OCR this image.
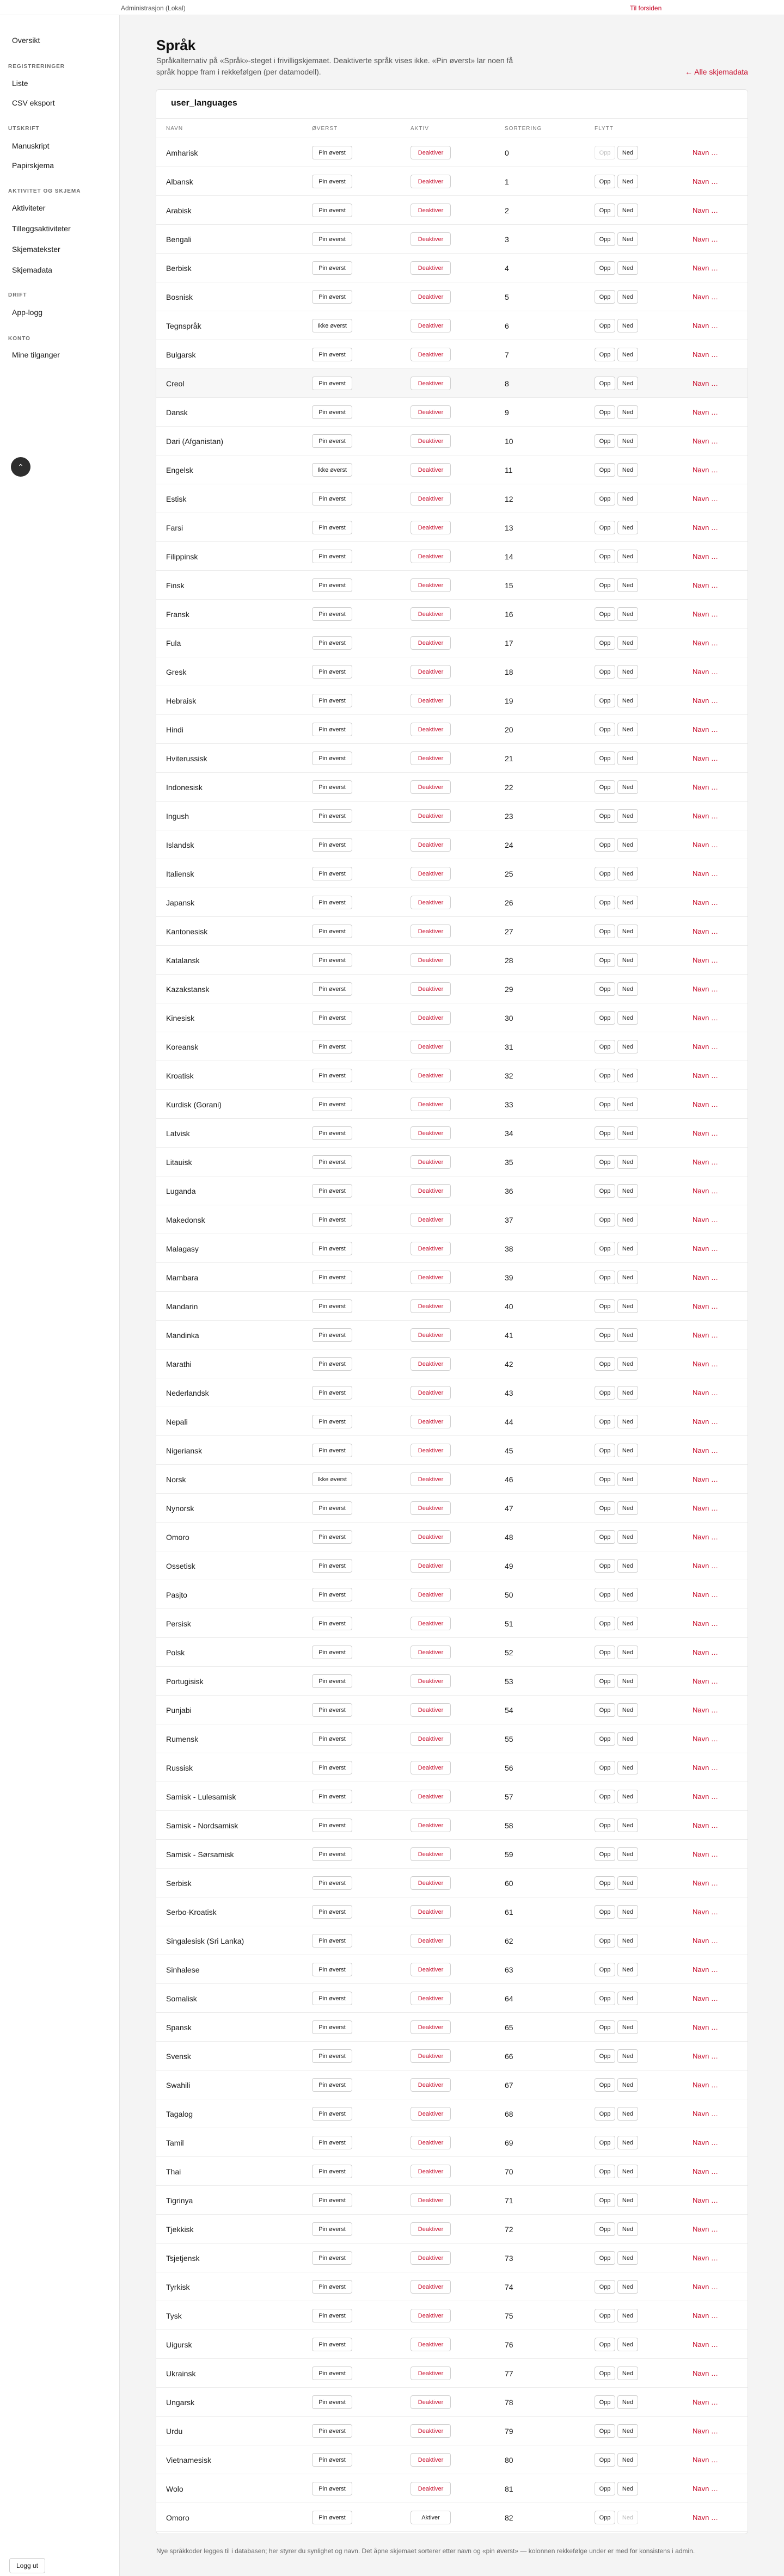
Administrasjon (Lokal)	Til forsiden
Oversikt
REGISTRERINGER
Liste
CSV eksport
UTSKRIFT
Manuskript
Papirskjema
AKTIVITET OG SKJEMA
Aktiviteter
Tilleggsaktiviteter
Skjematekster
Skjemadata
DRIFT
App-logg
KONTO
Mine tilganger
Logg ut
⌃
Språk

Språkalternativ på «Språk»-steget i frivilligskjemaet. Deaktiverte språk vises ikke. «Pin øverst» lar noen få språk hoppe fram i rekkefølgen (per datamodell).	← Alle skjemadata
user_languages
NAVN	ØVERST	AKTIV	SORTERING	FLYTT
Amharisk	Pin øverst	Deaktiver	0	Opp	Ned	Navn …
Albansk	Pin øverst	Deaktiver	1	Opp	Ned	Navn …
Arabisk	Pin øverst	Deaktiver	2	Opp	Ned	Navn …
Bengali	Pin øverst	Deaktiver	3	Opp	Ned	Navn …
Berbisk	Pin øverst	Deaktiver	4	Opp	Ned	Navn …
Bosnisk	Pin øverst	Deaktiver	5	Opp	Ned	Navn …
Tegnspråk	Ikke øverst	Deaktiver	6	Opp	Ned	Navn …
Bulgarsk	Pin øverst	Deaktiver	7	Opp	Ned	Navn …
Creol	Pin øverst	Deaktiver	8	Opp	Ned	Navn …
Dansk	Pin øverst	Deaktiver	9	Opp	Ned	Navn …
Dari (Afganistan)	Pin øverst	Deaktiver	10	Opp	Ned	Navn …
Engelsk	Ikke øverst	Deaktiver	11	Opp	Ned	Navn …
Estisk	Pin øverst	Deaktiver	12	Opp	Ned	Navn …
Farsi	Pin øverst	Deaktiver	13	Opp	Ned	Navn …
Filippinsk	Pin øverst	Deaktiver	14	Opp	Ned	Navn …
Finsk	Pin øverst	Deaktiver	15	Opp	Ned	Navn …
Fransk	Pin øverst	Deaktiver	16	Opp	Ned	Navn …
Fula	Pin øverst	Deaktiver	17	Opp	Ned	Navn …
Gresk	Pin øverst	Deaktiver	18	Opp	Ned	Navn …
Hebraisk	Pin øverst	Deaktiver	19	Opp	Ned	Navn …
Hindi	Pin øverst	Deaktiver	20	Opp	Ned	Navn …
Hviterussisk	Pin øverst	Deaktiver	21	Opp	Ned	Navn …
Indonesisk	Pin øverst	Deaktiver	22	Opp	Ned	Navn …
Ingush	Pin øverst	Deaktiver	23	Opp	Ned	Navn …
Islandsk	Pin øverst	Deaktiver	24	Opp	Ned	Navn …
Italiensk	Pin øverst	Deaktiver	25	Opp	Ned	Navn …
Japansk	Pin øverst	Deaktiver	26	Opp	Ned	Navn …
Kantonesisk	Pin øverst	Deaktiver	27	Opp	Ned	Navn …
Katalansk	Pin øverst	Deaktiver	28	Opp	Ned	Navn …
Kazakstansk	Pin øverst	Deaktiver	29	Opp	Ned	Navn …
Kinesisk	Pin øverst	Deaktiver	30	Opp	Ned	Navn …
Koreansk	Pin øverst	Deaktiver	31	Opp	Ned	Navn …
Kroatisk	Pin øverst	Deaktiver	32	Opp	Ned	Navn …
Kurdisk (Gorani)	Pin øverst	Deaktiver	33	Opp	Ned	Navn …
Latvisk	Pin øverst	Deaktiver	34	Opp	Ned	Navn …
Litauisk	Pin øverst	Deaktiver	35	Opp	Ned	Navn …
Luganda	Pin øverst	Deaktiver	36	Opp	Ned	Navn …
Makedonsk	Pin øverst	Deaktiver	37	Opp	Ned	Navn …
Malagasy	Pin øverst	Deaktiver	38	Opp	Ned	Navn …
Mambara	Pin øverst	Deaktiver	39	Opp	Ned	Navn …
Mandarin	Pin øverst	Deaktiver	40	Opp	Ned	Navn …
Mandinka	Pin øverst	Deaktiver	41	Opp	Ned	Navn …
Marathi	Pin øverst	Deaktiver	42	Opp	Ned	Navn …
Nederlandsk	Pin øverst	Deaktiver	43	Opp	Ned	Navn …
Nepali	Pin øverst	Deaktiver	44	Opp	Ned	Navn …
Nigeriansk	Pin øverst	Deaktiver	45	Opp	Ned	Navn …
Norsk	Ikke øverst	Deaktiver	46	Opp	Ned	Navn …
Nynorsk	Pin øverst	Deaktiver	47	Opp	Ned	Navn …
Omoro	Pin øverst	Deaktiver	48	Opp	Ned	Navn …
Ossetisk	Pin øverst	Deaktiver	49	Opp	Ned	Navn …
Pasjto	Pin øverst	Deaktiver	50	Opp	Ned	Navn …
Persisk	Pin øverst	Deaktiver	51	Opp	Ned	Navn …
Polsk	Pin øverst	Deaktiver	52	Opp	Ned	Navn …
Portugisisk	Pin øverst	Deaktiver	53	Opp	Ned	Navn …
Punjabi	Pin øverst	Deaktiver	54	Opp	Ned	Navn …
Rumensk	Pin øverst	Deaktiver	55	Opp	Ned	Navn …
Russisk	Pin øverst	Deaktiver	56	Opp	Ned	Navn …
Samisk - Lulesamisk	Pin øverst	Deaktiver	57	Opp	Ned	Navn …
Samisk - Nordsamisk	Pin øverst	Deaktiver	58	Opp	Ned	Navn …
Samisk - Sørsamisk	Pin øverst	Deaktiver	59	Opp	Ned	Navn …
Serbisk	Pin øverst	Deaktiver	60	Opp	Ned	Navn …
Serbo-Kroatisk	Pin øverst	Deaktiver	61	Opp	Ned	Navn …
Singalesisk (Sri Lanka)	Pin øverst	Deaktiver	62	Opp	Ned	Navn …
Sinhalese	Pin øverst	Deaktiver	63	Opp	Ned	Navn …
Somalisk	Pin øverst	Deaktiver	64	Opp	Ned	Navn …
Spansk	Pin øverst	Deaktiver	65	Opp	Ned	Navn …
Svensk	Pin øverst	Deaktiver	66	Opp	Ned	Navn …
Swahili	Pin øverst	Deaktiver	67	Opp	Ned	Navn …
Tagalog	Pin øverst	Deaktiver	68	Opp	Ned	Navn …
Tamil	Pin øverst	Deaktiver	69	Opp	Ned	Navn …
Thai	Pin øverst	Deaktiver	70	Opp	Ned	Navn …
Tigrinya	Pin øverst	Deaktiver	71	Opp	Ned	Navn …
Tjekkisk	Pin øverst	Deaktiver	72	Opp	Ned	Navn …
Tsjetjensk	Pin øverst	Deaktiver	73	Opp	Ned	Navn …
Tyrkisk	Pin øverst	Deaktiver	74	Opp	Ned	Navn …
Tysk	Pin øverst	Deaktiver	75	Opp	Ned	Navn …
Uigursk	Pin øverst	Deaktiver	76	Opp	Ned	Navn …
Ukrainsk	Pin øverst	Deaktiver	77	Opp	Ned	Navn …
Ungarsk	Pin øverst	Deaktiver	78	Opp	Ned	Navn …
Urdu	Pin øverst	Deaktiver	79	Opp	Ned	Navn …
Vietnamesisk	Pin øverst	Deaktiver	80	Opp	Ned	Navn …
Wolo	Pin øverst	Deaktiver	81	Opp	Ned	Navn …
Omoro	Pin øverst	Aktiver	82	Opp	Ned	Navn …

Nye språkkoder legges til i databasen; her styrer du synlighet og navn. Det åpne skjemaet sorterer etter navn og «pin øverst» — kolonnen rekkefølge under er med for konsistens i admin.
